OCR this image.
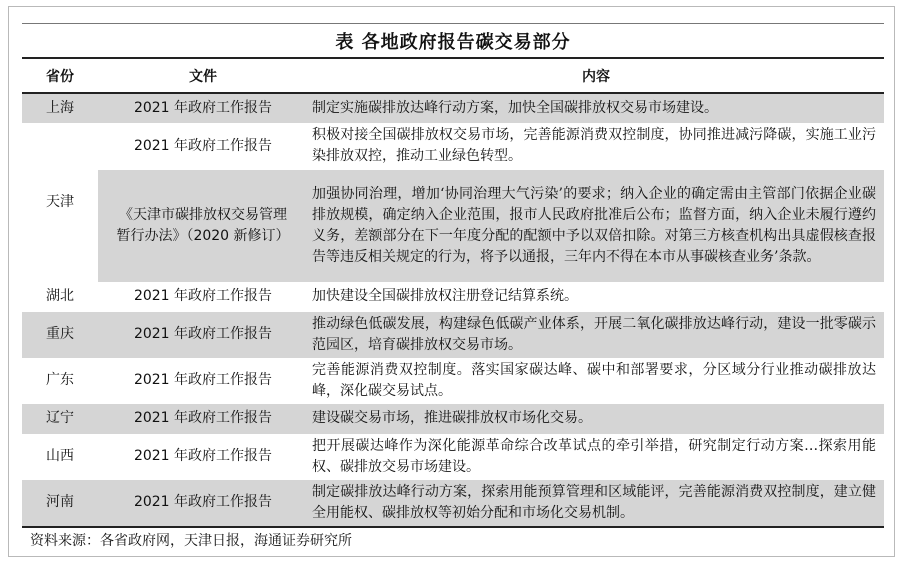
表 各地政府报告碳交易部分
省份	文件	内容
上海	2021 年政府工作报告	制定实施碳排放达峰行动方案，加快全国碳排放权交易市场建设。
天津	2021 年政府工作报告	积极对接全国碳排放权交易市场，完善能源消费双控制度，协同推进减污降碳，实施工业污染排放双控，推动工业绿色转型。
	《天津市碳排放权交易管理暂行办法》（2020 新修订）	加强协同治理，增加‘协同治理大气污染’的要求；纳入企业的确定需由主管部门依据企业碳排放规模，确定纳入企业范围，报市人民政府批准后公布；监督方面，纳入企业未履行遵约义务，差额部分在下一年度分配的配额中予以双倍扣除。对第三方核查机构出具虚假核查报告等违反相关规定的行为，将予以通报，三年内不得在本市从事碳核查业务’条款。
湖北	2021 年政府工作报告	加快建设全国碳排放权注册登记结算系统。
重庆	2021 年政府工作报告	推动绿色低碳发展，构建绿色低碳产业体系，开展二氧化碳排放达峰行动，建设一批零碳示范园区，培育碳排放权交易市场。
广东	2021 年政府工作报告	完善能源消费双控制度。落实国家碳达峰、碳中和部署要求，分区域分行业推动碳排放达峰，深化碳交易试点。
辽宁	2021 年政府工作报告	建设碳交易市场，推进碳排放权市场化交易。
山西	2021 年政府工作报告	把开展碳达峰作为深化能源革命综合改革试点的牵引举措，研究制定行动方案…探索用能权、碳排放交易市场建设。
河南	2021 年政府工作报告	制定碳排放达峰行动方案，探索用能预算管理和区域能评，完善能源消费双控制度，建立健全用能权、碳排放权等初始分配和市场化交易机制。
资料来源：各省政府网，天津日报，海通证券研究所
